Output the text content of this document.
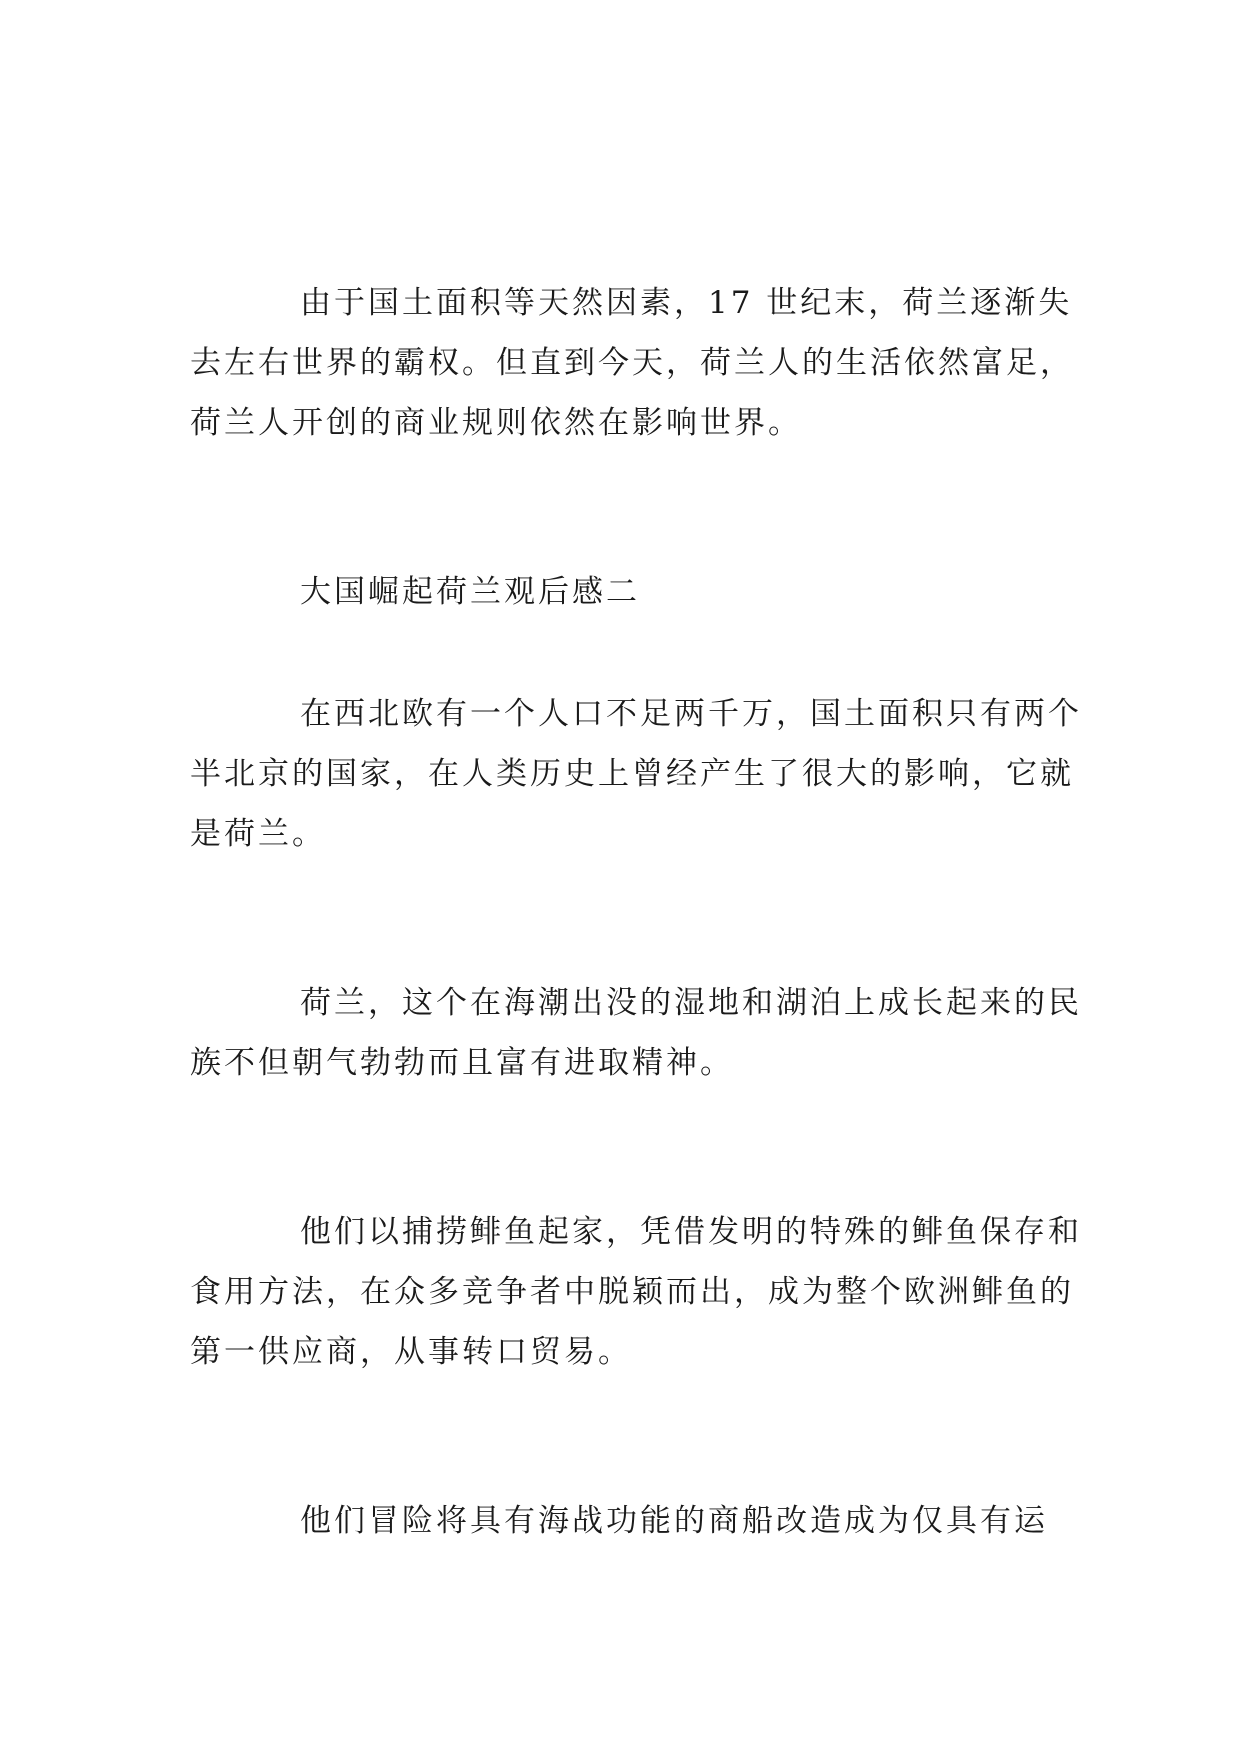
由于国土面积等天然因素，17 世纪末，荷兰逐渐失
去左右世界的霸权。但直到今天，荷兰人的生活依然富足，
荷兰人开创的商业规则依然在影响世界。
大国崛起荷兰观后感二
在西北欧有一个人口不足两千万，国土面积只有两个
半北京的国家，在人类历史上曾经产生了很大的影响，它就
是荷兰。
荷兰，这个在海潮出没的湿地和湖泊上成长起来的民
族不但朝气勃勃而且富有进取精神。
他们以捕捞鲱鱼起家，凭借发明的特殊的鲱鱼保存和
食用方法，在众多竞争者中脱颖而出，成为整个欧洲鲱鱼的
第一供应商，从事转口贸易。
他们冒险将具有海战功能的商船改造成为仅具有运
